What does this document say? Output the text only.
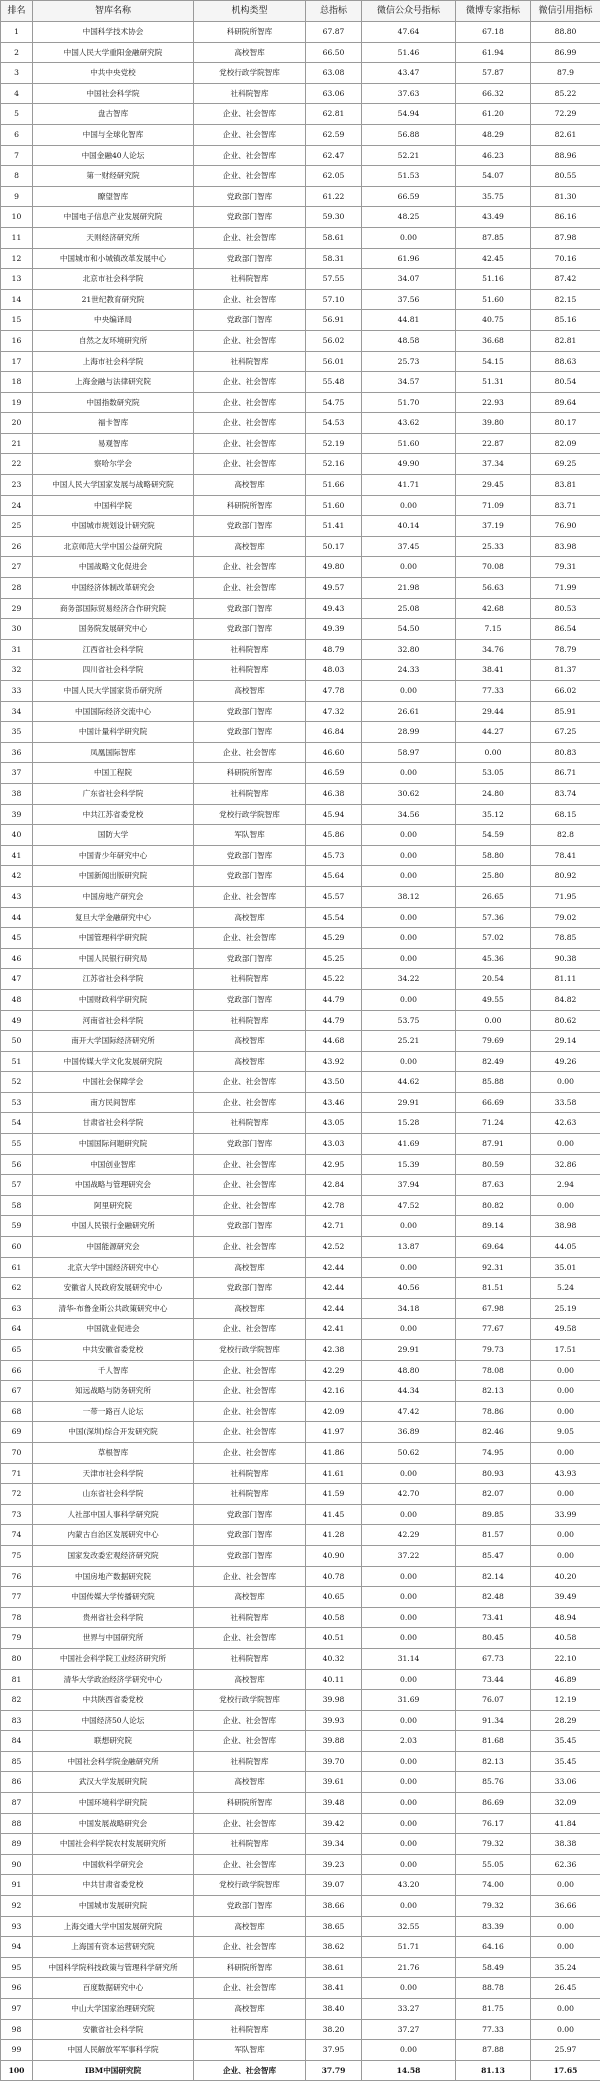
排名	智库名称	机构类型	总指标	微信公众号指标	微博专家指标	微信引用指标
1	中国科学技术协会	科研院所智库	67.87	47.64	67.18	88.80
2	中国人民大学重阳金融研究院	高校智库	66.50	51.46	61.94	86.99
3	中共中央党校	党校行政学院智库	63.08	43.47	57.87	87.9
4	中国社会科学院	社科院智库	63.06	37.63	66.32	85.22
5	盘古智库	企业、社会智库	62.81	54.94	61.20	72.29
6	中国与全球化智库	企业、社会智库	62.59	56.88	48.29	82.61
7	中国金融40人论坛	企业、社会智库	62.47	52.21	46.23	88.96
8	第一财经研究院	企业、社会智库	62.05	51.53	54.07	80.55
9	瞭望智库	党政部门智库	61.22	66.59	35.75	81.30
10	中国电子信息产业发展研究院	党政部门智库	59.30	48.25	43.49	86.16
11	天则经济研究所	企业、社会智库	58.61	0.00	87.85	87.98
12	中国城市和小城镇改革发展中心	党政部门智库	58.31	61.96	42.45	70.16
13	北京市社会科学院	社科院智库	57.55	34.07	51.16	87.42
14	21世纪教育研究院	企业、社会智库	57.10	37.56	51.60	82.15
15	中央编译局	党政部门智库	56.91	44.81	40.75	85.16
16	自然之友环境研究所	企业、社会智库	56.02	48.58	36.68	82.81
17	上海市社会科学院	社科院智库	56.01	25.73	54.15	88.63
18	上海金融与法律研究院	企业、社会智库	55.48	34.57	51.31	80.54
19	中国指数研究院	企业、社会智库	54.75	51.70	22.93	89.64
20	福卡智库	企业、社会智库	54.53	43.62	39.80	80.17
21	易观智库	企业、社会智库	52.19	51.60	22.87	82.09
22	察哈尔学会	企业、社会智库	52.16	49.90	37.34	69.25
23	中国人民大学国家发展与战略研究院	高校智库	51.66	41.71	29.45	83.81
24	中国科学院	科研院所智库	51.60	0.00	71.09	83.71
25	中国城市规划设计研究院	党政部门智库	51.41	40.14	37.19	76.90
26	北京师范大学中国公益研究院	高校智库	50.17	37.45	25.33	83.98
27	中国战略文化促进会	企业、社会智库	49.80	0.00	70.08	79.31
28	中国经济体制改革研究会	企业、社会智库	49.57	21.98	56.63	71.99
29	商务部国际贸易经济合作研究院	党政部门智库	49.43	25.08	42.68	80.53
30	国务院发展研究中心	党政部门智库	49.39	54.50	7.15	86.54
31	江西省社会科学院	社科院智库	48.79	32.80	34.76	78.79
32	四川省社会科学院	社科院智库	48.03	24.33	38.41	81.37
33	中国人民大学国家货币研究所	高校智库	47.78	0.00	77.33	66.02
34	中国国际经济交流中心	党政部门智库	47.32	26.61	29.44	85.91
35	中国计量科学研究院	党政部门智库	46.84	28.99	44.27	67.25
36	凤凰国际智库	企业、社会智库	46.60	58.97	0.00	80.83
37	中国工程院	科研院所智库	46.59	0.00	53.05	86.71
38	广东省社会科学院	社科院智库	46.38	30.62	24.80	83.74
39	中共江苏省委党校	党校行政学院智库	45.94	34.56	35.12	68.15
40	国防大学	军队智库	45.86	0.00	54.59	82.8
41	中国青少年研究中心	党政部门智库	45.73	0.00	58.80	78.41
42	中国新闻出版研究院	党政部门智库	45.64	0.00	25.80	80.92
43	中国房地产研究会	企业、社会智库	45.57	38.12	26.65	71.95
44	复旦大学金融研究中心	高校智库	45.54	0.00	57.36	79.02
45	中国管理科学研究院	企业、社会智库	45.29	0.00	57.02	78.85
46	中国人民银行研究局	党政部门智库	45.25	0.00	45.36	90.38
47	江苏省社会科学院	社科院智库	45.22	34.22	20.54	81.11
48	中国财政科学研究院	党政部门智库	44.79	0.00	49.55	84.82
49	河南省社会科学院	社科院智库	44.79	53.75	0.00	80.62
50	南开大学国际经济研究所	高校智库	44.68	25.21	79.69	29.14
51	中国传媒大学文化发展研究院	高校智库	43.92	0.00	82.49	49.26
52	中国社会保障学会	企业、社会智库	43.50	44.62	85.88	0.00
53	南方民间智库	企业、社会智库	43.46	29.91	66.69	33.58
54	甘肃省社会科学院	社科院智库	43.05	15.28	71.24	42.63
55	中国国际问题研究院	党政部门智库	43.03	41.69	87.91	0.00
56	中国创业智库	企业、社会智库	42.95	15.39	80.59	32.86
57	中国战略与管理研究会	企业、社会智库	42.84	37.94	87.63	2.94
58	阿里研究院	企业、社会智库	42.78	47.52	80.82	0.00
59	中国人民银行金融研究所	党政部门智库	42.71	0.00	89.14	38.98
60	中国能源研究会	企业、社会智库	42.52	13.87	69.64	44.05
61	北京大学中国经济研究中心	高校智库	42.44	0.00	92.31	35.01
62	安徽省人民政府发展研究中心	党政部门智库	42.44	40.56	81.51	5.24
63	清华-布鲁金斯公共政策研究中心	高校智库	42.44	34.18	67.98	25.19
64	中国就业促进会	企业、社会智库	42.41	0.00	77.67	49.58
65	中共安徽省委党校	党校行政学院智库	42.38	29.91	79.73	17.51
66	千人智库	企业、社会智库	42.29	48.80	78.08	0.00
67	知远战略与防务研究所	企业、社会智库	42.16	44.34	82.13	0.00
68	一带一路百人论坛	企业、社会智库	42.09	47.42	78.86	0.00
69	中国(深圳)综合开发研究院	企业、社会智库	41.97	36.89	82.46	9.05
70	草根智库	企业、社会智库	41.86	50.62	74.95	0.00
71	天津市社会科学院	社科院智库	41.61	0.00	80.93	43.93
72	山东省社会科学院	社科院智库	41.59	42.70	82.07	0.00
73	人社部中国人事科学研究院	党政部门智库	41.45	0.00	89.85	33.99
74	内蒙古自治区发展研究中心	党政部门智库	41.28	42.29	81.57	0.00
75	国家发改委宏观经济研究院	党政部门智库	40.90	37.22	85.47	0.00
76	中国房地产数据研究院	企业、社会智库	40.78	0.00	82.14	40.20
77	中国传媒大学传播研究院	高校智库	40.65	0.00	82.48	39.49
78	贵州省社会科学院	社科院智库	40.58	0.00	73.41	48.94
79	世界与中国研究所	企业、社会智库	40.51	0.00	80.45	40.58
80	中国社会科学院工业经济研究所	社科院智库	40.32	31.14	67.73	22.10
81	清华大学政治经济学研究中心	高校智库	40.11	0.00	73.44	46.89
82	中共陕西省委党校	党校行政学院智库	39.98	31.69	76.07	12.19
83	中国经济50人论坛	企业、社会智库	39.93	0.00	91.34	28.29
84	联想研究院	企业、社会智库	39.88	2.03	81.68	35.45
85	中国社会科学院金融研究所	社科院智库	39.70	0.00	82.13	35.45
86	武汉大学发展研究院	高校智库	39.61	0.00	85.76	33.06
87	中国环境科学研究院	科研院所智库	39.48	0.00	86.69	32.09
88	中国发展战略研究会	企业、社会智库	39.42	0.00	76.17	41.84
89	中国社会科学院农村发展研究所	社科院智库	39.34	0.00	79.32	38.38
90	中国软科学研究会	企业、社会智库	39.23	0.00	55.05	62.36
91	中共甘肃省委党校	党校行政学院智库	39.07	43.20	74.00	0.00
92	中国城市发展研究院	党政部门智库	38.66	0.00	79.32	36.66
93	上海交通大学中国发展研究院	高校智库	38.65	32.55	83.39	0.00
94	上海国有资本运营研究院	企业、社会智库	38.62	51.71	64.16	0.00
95	中国科学院科技政策与管理科学研究所	科研院所智库	38.61	21.76	58.49	35.24
96	百度数据研究中心	企业、社会智库	38.41	0.00	88.78	26.45
97	中山大学国家治理研究院	高校智库	38.40	33.27	81.75	0.00
98	安徽省社会科学院	社科院智库	38.20	37.27	77.33	0.00
99	中国人民解放军军事科学院	军队智库	37.95	0.00	87.88	25.97
100	IBM中国研究院	企业、社会智库	37.79	14.58	81.13	17.65
